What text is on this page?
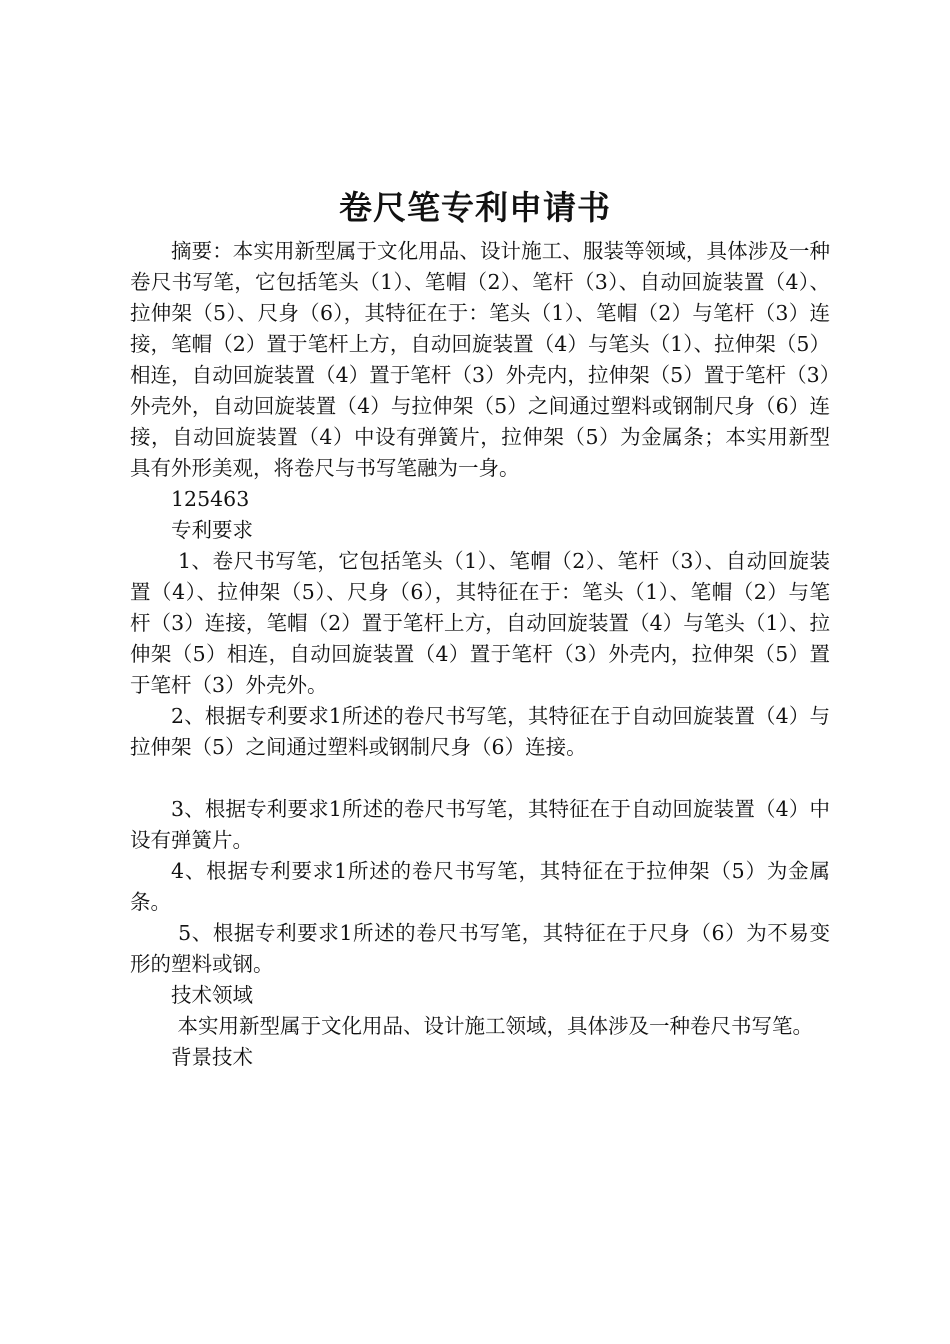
卷尺笔专利申请书

摘要：本实用新型属于文化用品、设计施工、服装等领域，具体涉及一种卷尺书写笔，它包括笔头（1）、笔帽（2）、笔杆（3）、自动回旋装置（4）、拉伸架（5）、尺身（6），其特征在于：笔头（1）、笔帽（2）与笔杆（3）连接，笔帽（2）置于笔杆上方，自动回旋装置（4）与笔头（1）、拉伸架（5）相连，自动回旋装置（4）置于笔杆（3）外壳内，拉伸架（5）置于笔杆（3）外壳外，自动回旋装置（4）与拉伸架（5）之间通过塑料或钢制尺身（6）连接，自动回旋装置（4）中设有弹簧片，拉伸架（5）为金属条；本实用新型具有外形美观，将卷尺与书写笔融为一身。

125463

专利要求

1、卷尺书写笔，它包括笔头（1）、笔帽（2）、笔杆（3）、自动回旋装置（4）、拉伸架（5）、尺身（6），其特征在于：笔头（1）、笔帽（2）与笔杆（3）连接，笔帽（2）置于笔杆上方，自动回旋装置（4）与笔头（1）、拉伸架（5）相连，自动回旋装置（4）置于笔杆（3）外壳内，拉伸架（5）置于笔杆（3）外壳外。

2、根据专利要求1所述的卷尺书写笔，其特征在于自动回旋装置（4）与拉伸架（5）之间通过塑料或钢制尺身（6）连接。

3、根据专利要求1所述的卷尺书写笔，其特征在于自动回旋装置（4）中设有弹簧片。

4、根据专利要求1所述的卷尺书写笔，其特征在于拉伸架（5）为金属条。

5、根据专利要求1所述的卷尺书写笔，其特征在于尺身（6）为不易变形的塑料或钢。

技术领域

本实用新型属于文化用品、设计施工领域，具体涉及一种卷尺书写笔。

背景技术
